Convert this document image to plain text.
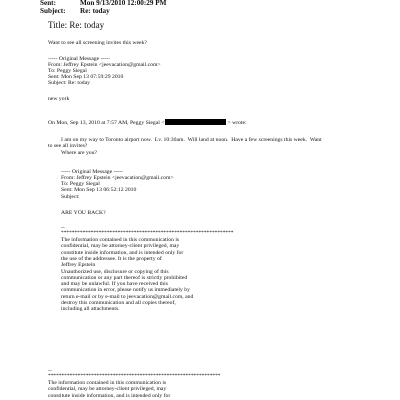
Sent:	Mon 9/13/2010 12:00:29 PM
Subject: Re: today
Title: Re: today
Want to see all screening invites this week?
----- Original Message -----
From: Jeffrey Epstein <jeevacation@gmail.com>
To: Peggy Siegal
Sent: Mon Sep 13 07:59:29 2010
Subject: Re: today
new york
On Mon, Sep 13, 2010 at 7:57 AM, Peggy Siegal <	> wrote:
I am on my way to Toronto airport now.  Lv. 10:30am.  Will land at noon.  Have a few screenings this week.  Want
to see all invites?
Where are you?
----- Original Message -----
From: Jeffrey Epstein <jeevacation@gmail.com>
To: Peggy Siegal
Sent: Mon Sep 13 06:52:12 2010
Subject:
ARE YOU BACK?
--
****************************************************************
The information contained in this communication is
confidential, may be attorney-client privileged, may
constitute inside information, and is intended only for
the use of the addressee. It is the property of
Jeffrey Epstein
Unauthorized use, disclosure or copying of this
communication or any part thereof is strictly prohibited
and may be unlawful. If you have received this
communication in error, please notify us immediately by
return e-mail or by e-mail to jeevacation@gmail.com, and
destroy this communication and all copies thereof,
including all attachments.
--
****************************************************************
The information contained in this communication is
confidential, may be attorney-client privileged, may
constitute inside information, and is intended only for
